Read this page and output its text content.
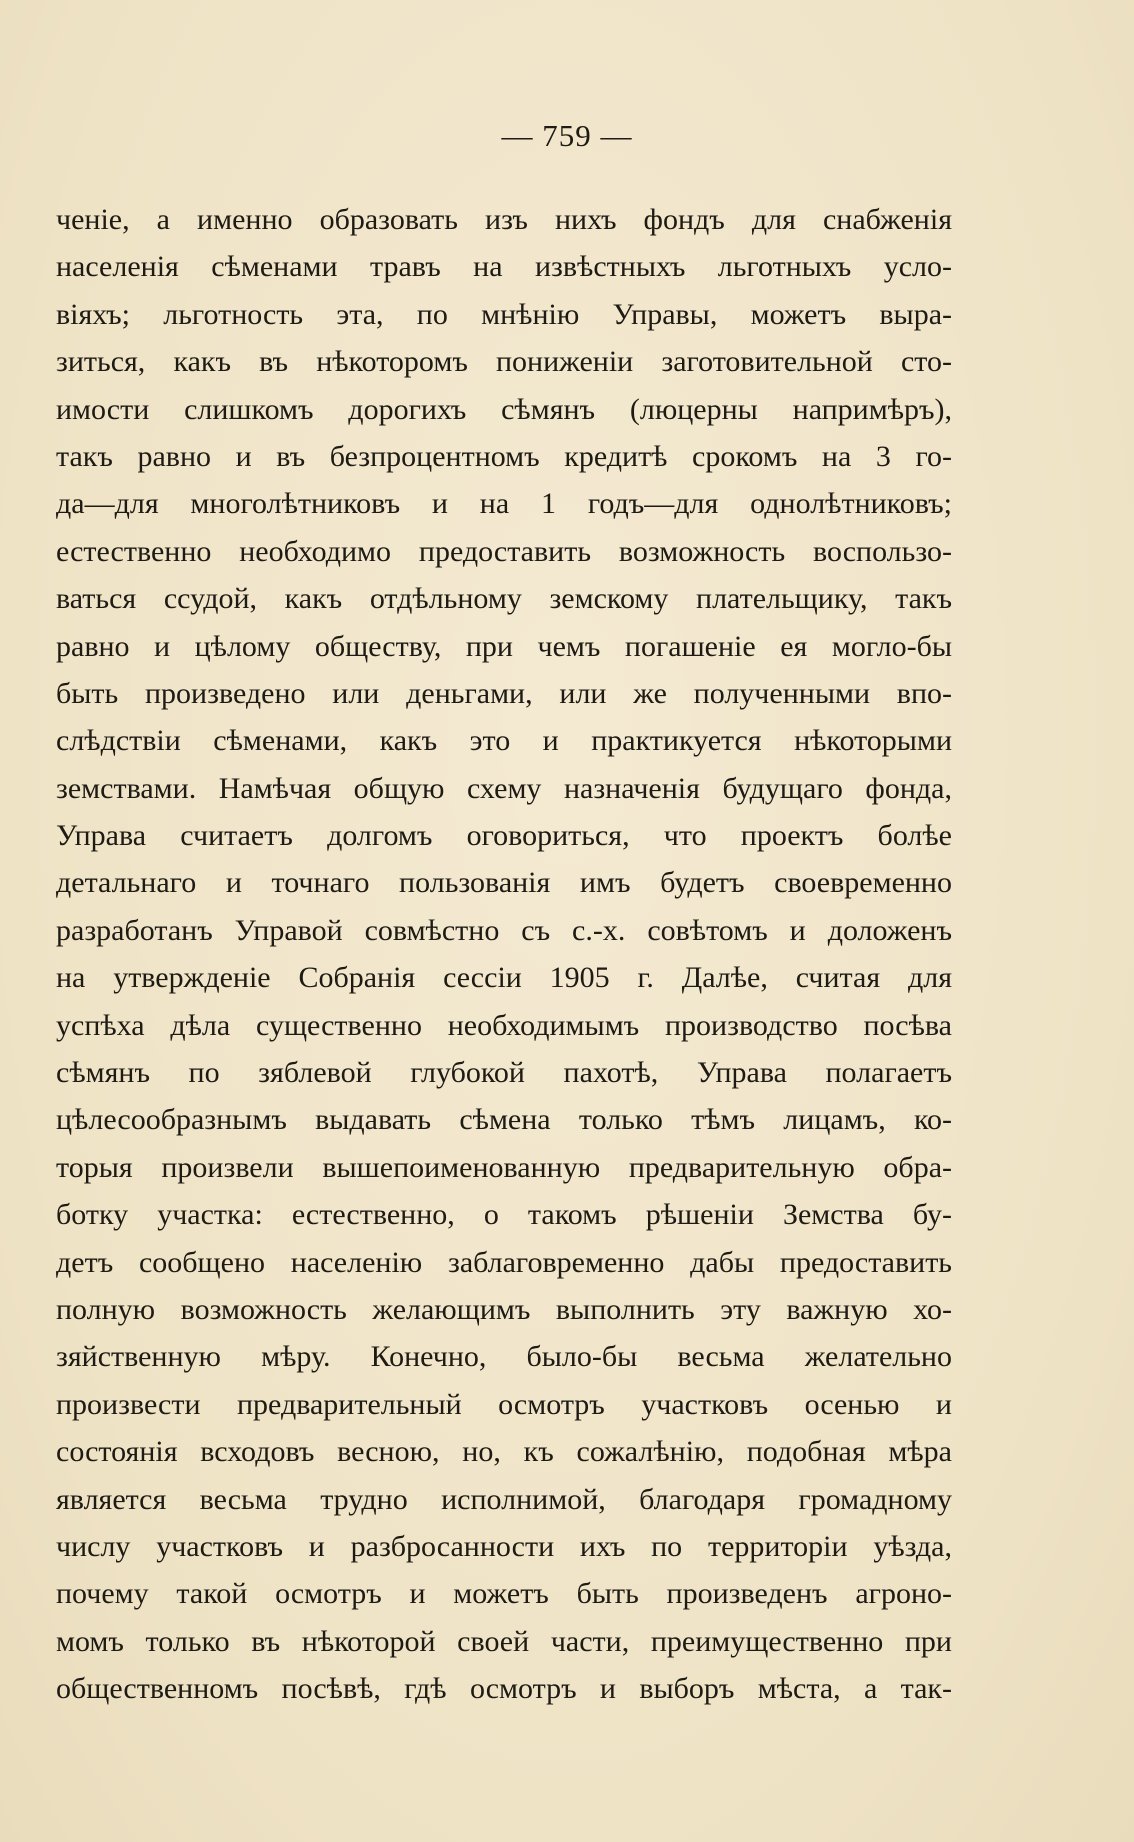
— 759 —
ченіе, а именно образовать изъ нихъ фондъ для снабженія
населенія сѣменами травъ на извѣстныхъ льготныхъ усло-
віяхъ; льготность эта, по мнѣнію Управы, можетъ выра-
зиться, какъ въ нѣкоторомъ пониженіи заготовительной сто-
имости слишкомъ дорогихъ сѣмянъ (люцерны напримѣръ),
такъ равно и въ безпроцентномъ кредитѣ срокомъ на 3 го-
да—для многолѣтниковъ и на 1 годъ—для однолѣтниковъ;
естественно необходимо предоставить возможность воспользо-
ваться ссудой, какъ отдѣльному земскому плательщику, такъ
равно и цѣлому обществу, при чемъ погашеніе ея могло-бы
быть произведено или деньгами, или же полученными впо-
слѣдствіи сѣменами, какъ это и практикуется нѣкоторыми
земствами. Намѣчая общую схему назначенія будущаго фонда,
Управа считаетъ долгомъ оговориться, что проектъ болѣе
детальнаго и точнаго пользованія имъ будетъ своевременно
разработанъ Управой совмѣстно съ с.-х. совѣтомъ и доложенъ
на утвержденіе Собранія сессіи 1905 г. Далѣе, считая для
успѣха дѣла существенно необходимымъ производство посѣва
сѣмянъ по зяблевой глубокой пахотѣ, Управа полагаетъ
цѣлесообразнымъ выдавать сѣмена только тѣмъ лицамъ, ко-
торыя произвели вышепоименованную предварительную обра-
ботку участка: естественно, о такомъ рѣшеніи Земства бу-
детъ сообщено населенію заблаговременно дабы предоставить
полную возможность желающимъ выполнить эту важную хо-
зяйственную мѣру. Конечно, было-бы весьма желательно
произвести предварительный осмотръ участковъ осенью и
состоянія всходовъ весною, но, къ сожалѣнію, подобная мѣра
является весьма трудно исполнимой, благодаря громадному
числу участковъ и разбросанности ихъ по территоріи уѣзда,
почему такой осмотръ и можетъ быть произведенъ агроно-
момъ только въ нѣкоторой своей части, преимущественно при
общественномъ посѣвѣ, гдѣ осмотръ и выборъ мѣста, а так-
